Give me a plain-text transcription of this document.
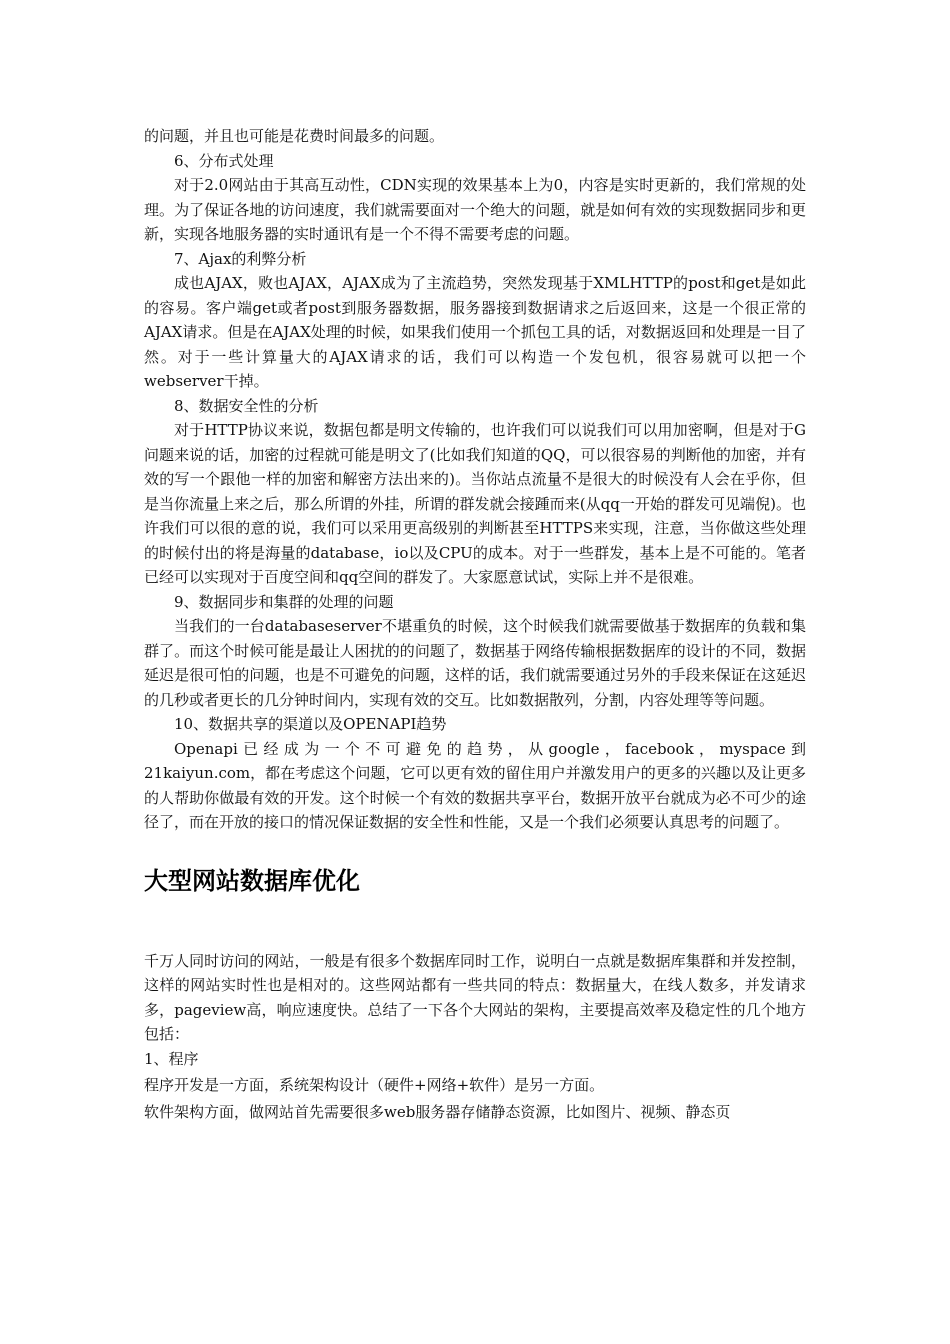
的问题，并且也可能是花费时间最多的问题。

6、分布式处理

对于2.0网站由于其高互动性，CDN实现的效果基本上为0，内容是实时更新的，我们常规的处理。为了保证各地的访问速度，我们就需要面对一个绝大的问题，就是如何有效的实现数据同步和更新，实现各地服务器的实时通讯有是一个不得不需要考虑的问题。

7、Ajax的利弊分析

成也AJAX，败也AJAX，AJAX成为了主流趋势，突然发现基于XMLHTTP的post和get是如此的容易。客户端get或者post到服务器数据，服务器接到数据请求之后返回来，这是一个很正常的AJAX请求。但是在AJAX处理的时候，如果我们使用一个抓包工具的话，对数据返回和处理是一目了然。对于一些计算量大的AJAX请求的话，我们可以构造一个发包机，很容易就可以把一个webserver干掉。

8、数据安全性的分析

对于HTTP协议来说，数据包都是明文传输的，也许我们可以说我们可以用加密啊，但是对于G问题来说的话，加密的过程就可能是明文了(比如我们知道的QQ，可以很容易的判断他的加密，并有效的写一个跟他一样的加密和解密方法出来的)。当你站点流量不是很大的时候没有人会在乎你，但是当你流量上来之后，那么所谓的外挂，所谓的群发就会接踵而来(从qq一开始的群发可见端倪)。也许我们可以很的意的说，我们可以采用更高级别的判断甚至HTTPS来实现，注意，当你做这些处理的时候付出的将是海量的database，io以及CPU的成本。对于一些群发，基本上是不可能的。笔者已经可以实现对于百度空间和qq空间的群发了。大家愿意试试，实际上并不是很难。

9、数据同步和集群的处理的问题

当我们的一台databaseserver不堪重负的时候，这个时候我们就需要做基于数据库的负载和集群了。而这个时候可能是最让人困扰的的问题了，数据基于网络传输根据数据库的设计的不同，数据延迟是很可怕的问题，也是不可避免的问题，这样的话，我们就需要通过另外的手段来保证在这延迟的几秒或者更长的几分钟时间内，实现有效的交互。比如数据散列，分割，内容处理等等问题。

10、数据共享的渠道以及OPENAPI趋势

Openapi已经成为一个不可避免的趋势，从google，facebook，myspace到21kaiyun.com，都在考虑这个问题，它可以更有效的留住用户并激发用户的更多的兴趣以及让更多的人帮助你做最有效的开发。这个时候一个有效的数据共享平台，数据开放平台就成为必不可少的途径了，而在开放的接口的情况保证数据的安全性和性能，又是一个我们必须要认真思考的问题了。

大型网站数据库优化

千万人同时访问的网站，一般是有很多个数据库同时工作，说明白一点就是数据库集群和并发控制，这样的网站实时性也是相对的。这些网站都有一些共同的特点：数据量大，在线人数多，并发请求多，pageview高，响应速度快。总结了一下各个大网站的架构，主要提高效率及稳定性的几个地方包括：

1、程序

程序开发是一方面，系统架构设计（硬件+网络+软件）是另一方面。

软件架构方面，做网站首先需要很多web服务器存储静态资源，比如图片、视频、静态页
